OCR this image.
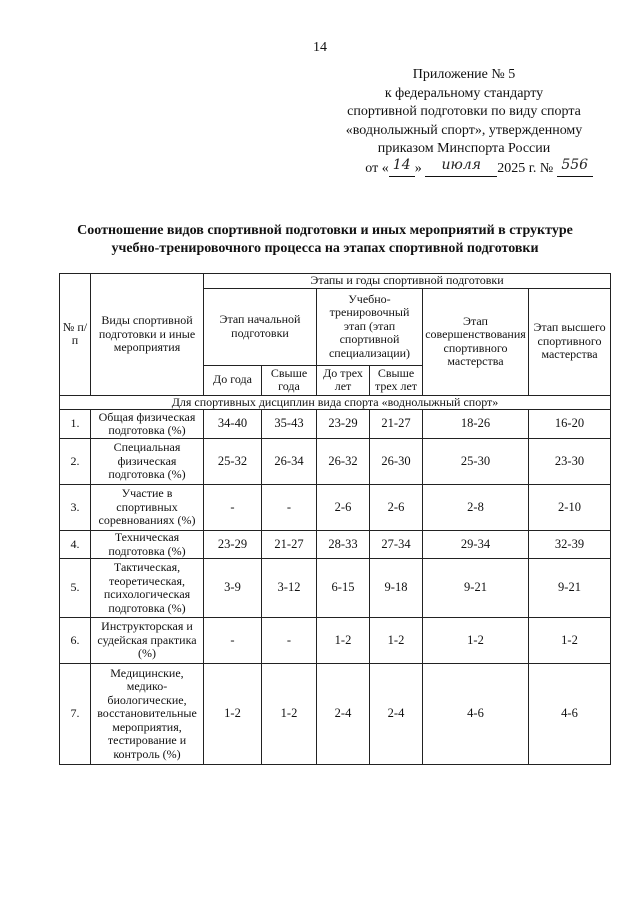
14
Приложение № 5
к федеральному стандарту
спортивной подготовки по виду спорта
«воднолыжный спорт», утвержденному
приказом Минспорта России
от « 14 » июля 2025 г. № 556
Соотношение видов спортивной подготовки и иных мероприятий в структуре
учебно-тренировочного процесса на этапах спортивной подготовки
№ п/п	Виды спортивной подготовки и иные мероприятия	Этапы и годы спортивной подготовки					
		Этап начальной подготовки		Учебно-тренировочный этап (этап спортивной специализации)		Этап совершенствования спортивного мастерства	Этап высшего спортивного мастерства
		До года	Свыше года	До трех лет	Свыше трех лет		
Для спортивных дисциплин вида спорта «воднолыжный спорт»							
1.	Общая физическая подготовка (%)	34-40	35-43	23-29	21-27	18-26	16-20
2.	Специальная физическая подготовка (%)	25-32	26-34	26-32	26-30	25-30	23-30
3.	Участие в спортивных соревнованиях (%)	-	-	2-6	2-6	2-8	2-10
4.	Техническая подготовка (%)	23-29	21-27	28-33	27-34	29-34	32-39
5.	Тактическая, теоретическая, психологическая подготовка (%)	3-9	3-12	6-15	9-18	9-21	9-21
6.	Инструкторская и судейская практика (%)	-	-	1-2	1-2	1-2	1-2
7.	Медицинские, медико-биологические, восстановительные мероприятия, тестирование и контроль (%)	1-2	1-2	2-4	2-4	4-6	4-6
